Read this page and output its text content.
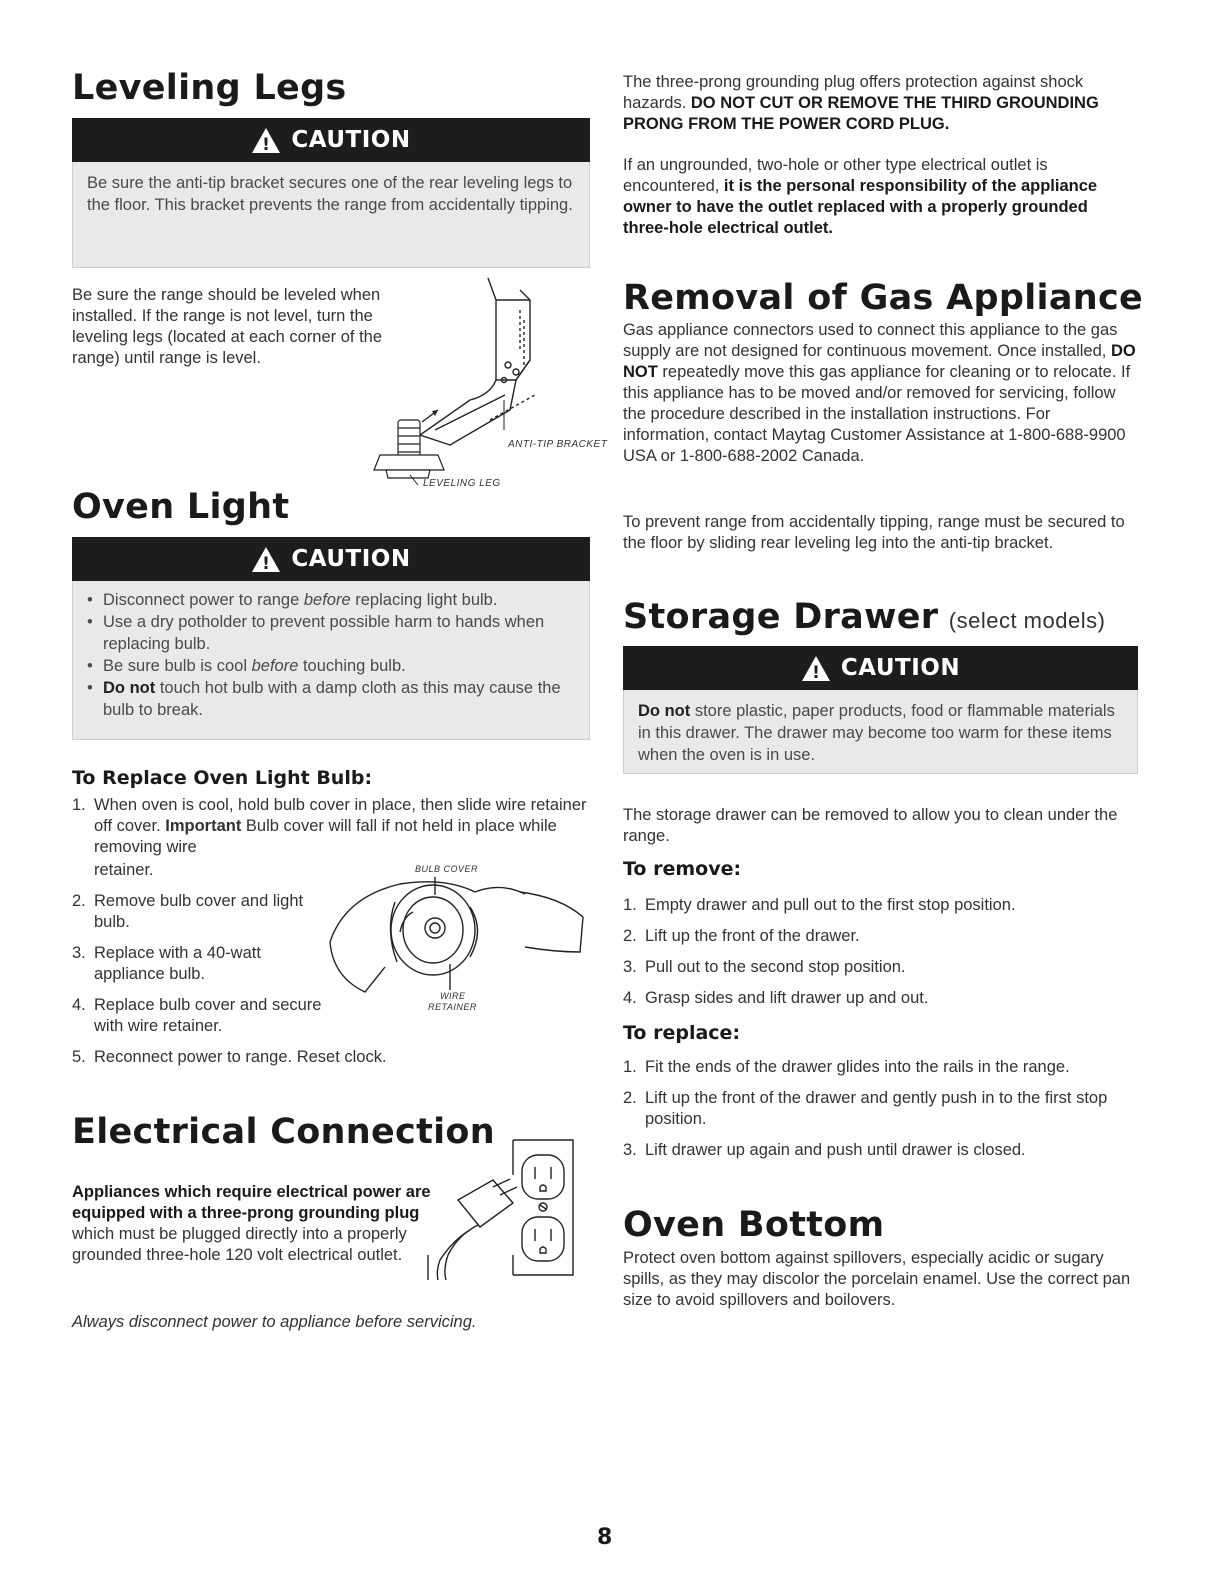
Leveling Legs
! CAUTION

Be sure the anti-tip bracket secures one of the rear leveling legs to the floor. This bracket prevents the range from accidentally tipping.

Be sure the range should be leveled when installed. If the range is not level, turn the leveling legs (located at each corner of the range) until range is level.

ANTI-TIP BRACKET
LEVELING LEG
Oven Light
! CAUTION
• Disconnect power to range before replacing light bulb.
• Use a dry potholder to prevent possible harm to hands when replacing bulb.
• Be sure bulb is cool before touching bulb.
• Do not touch hot bulb with a damp cloth as this may cause the bulb to break.
To Replace Oven Light Bulb:
1. When oven is cool, hold bulb cover in place, then slide wire retainer off cover. Important Bulb cover will fall if not held in place while removing wire
retainer.
2. Remove bulb cover and light bulb.
3. Replace with a 40-watt appliance bulb.
4. Replace bulb cover and secure with wire retainer.
5. Reconnect power to range. Reset clock.
BULB COVER
WIRE
RETAINER
Electrical Connection

Appliances which require electrical power are equipped with a three-prong grounding plug which must be plugged directly into a properly grounded three-hole 120 volt electrical outlet.

Always disconnect power to appliance before servicing.

The three-prong grounding plug offers protection against shock hazards. DO NOT CUT OR REMOVE THE THIRD GROUNDING PRONG FROM THE POWER CORD PLUG.

If an ungrounded, two-hole or other type electrical outlet is encountered, it is the personal responsibility of the appliance owner to have the outlet replaced with a properly grounded three-hole electrical outlet.

Removal of Gas Appliance

Gas appliance connectors used to connect this appliance to the gas supply are not designed for continuous movement. Once installed, DO NOT repeatedly move this gas appliance for cleaning or to relocate. If this appliance has to be moved and/or removed for servicing, follow the procedure described in the installation instructions. For information, contact Maytag Customer Assistance at 1-800-688-9900 USA or 1-800-688-2002 Canada.

To prevent range from accidentally tipping, range must be secured to the floor by sliding rear leveling leg into the anti-tip bracket.

Storage Drawer (select models)
! CAUTION

Do not store plastic, paper products, food or flammable materials in this drawer. The drawer may become too warm for these items when the oven is in use.

The storage drawer can be removed to allow you to clean under the range.

To remove:
1. Empty drawer and pull out to the first stop position.
2. Lift up the front of the drawer.
3. Pull out to the second stop position.
4. Grasp sides and lift drawer up and out.
To replace:
1. Fit the ends of the drawer glides into the rails in the range.
2. Lift up the front of the drawer and gently push in to the first stop position.
3. Lift drawer up again and push until drawer is closed.
Oven Bottom

Protect oven bottom against spillovers, especially acidic or sugary spills, as they may discolor the porcelain enamel. Use the correct pan size to avoid spillovers and boilovers.

8
